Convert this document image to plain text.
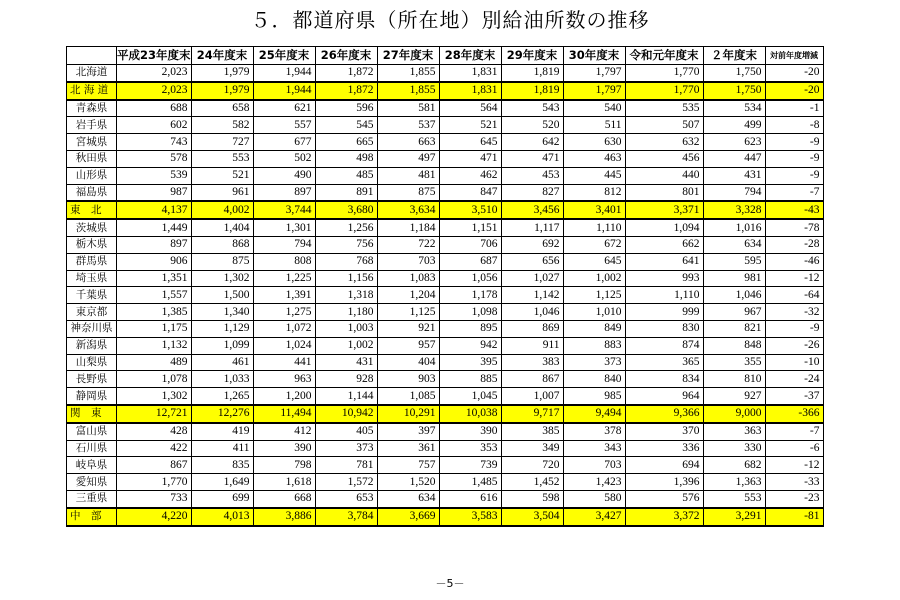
５．都道府県（所在地）別給油所数の推移
	平成23年度末	24年度末	25年度末	26年度末	27年度末	28年度末	29年度末	30年度末	令和元年度末	２年度末	対前年度増減
北海道	2,023	1,979	1,944	1,872	1,855	1,831	1,819	1,797	1,770	1,750	-20
北 海 道	2,023	1,979	1,944	1,872	1,855	1,831	1,819	1,797	1,770	1,750	-20
青森県	688	658	621	596	581	564	543	540	535	534	-1
岩手県	602	582	557	545	537	521	520	511	507	499	-8
宮城県	743	727	677	665	663	645	642	630	632	623	-9
秋田県	578	553	502	498	497	471	471	463	456	447	-9
山形県	539	521	490	485	481	462	453	445	440	431	-9
福島県	987	961	897	891	875	847	827	812	801	794	-7
東　北	4,137	4,002	3,744	3,680	3,634	3,510	3,456	3,401	3,371	3,328	-43
茨城県	1,449	1,404	1,301	1,256	1,184	1,151	1,117	1,110	1,094	1,016	-78
栃木県	897	868	794	756	722	706	692	672	662	634	-28
群馬県	906	875	808	768	703	687	656	645	641	595	-46
埼玉県	1,351	1,302	1,225	1,156	1,083	1,056	1,027	1,002	993	981	-12
千葉県	1,557	1,500	1,391	1,318	1,204	1,178	1,142	1,125	1,110	1,046	-64
東京都	1,385	1,340	1,275	1,180	1,125	1,098	1,046	1,010	999	967	-32
神奈川県	1,175	1,129	1,072	1,003	921	895	869	849	830	821	-9
新潟県	1,132	1,099	1,024	1,002	957	942	911	883	874	848	-26
山梨県	489	461	441	431	404	395	383	373	365	355	-10
長野県	1,078	1,033	963	928	903	885	867	840	834	810	-24
静岡県	1,302	1,265	1,200	1,144	1,085	1,045	1,007	985	964	927	-37
関　東	12,721	12,276	11,494	10,942	10,291	10,038	9,717	9,494	9,366	9,000	-366
富山県	428	419	412	405	397	390	385	378	370	363	-7
石川県	422	411	390	373	361	353	349	343	336	330	-6
岐阜県	867	835	798	781	757	739	720	703	694	682	-12
愛知県	1,770	1,649	1,618	1,572	1,520	1,485	1,452	1,423	1,396	1,363	-33
三重県	733	699	668	653	634	616	598	580	576	553	-23
中　部	4,220	4,013	3,886	3,784	3,669	3,583	3,504	3,427	3,372	3,291	-81
－5－
